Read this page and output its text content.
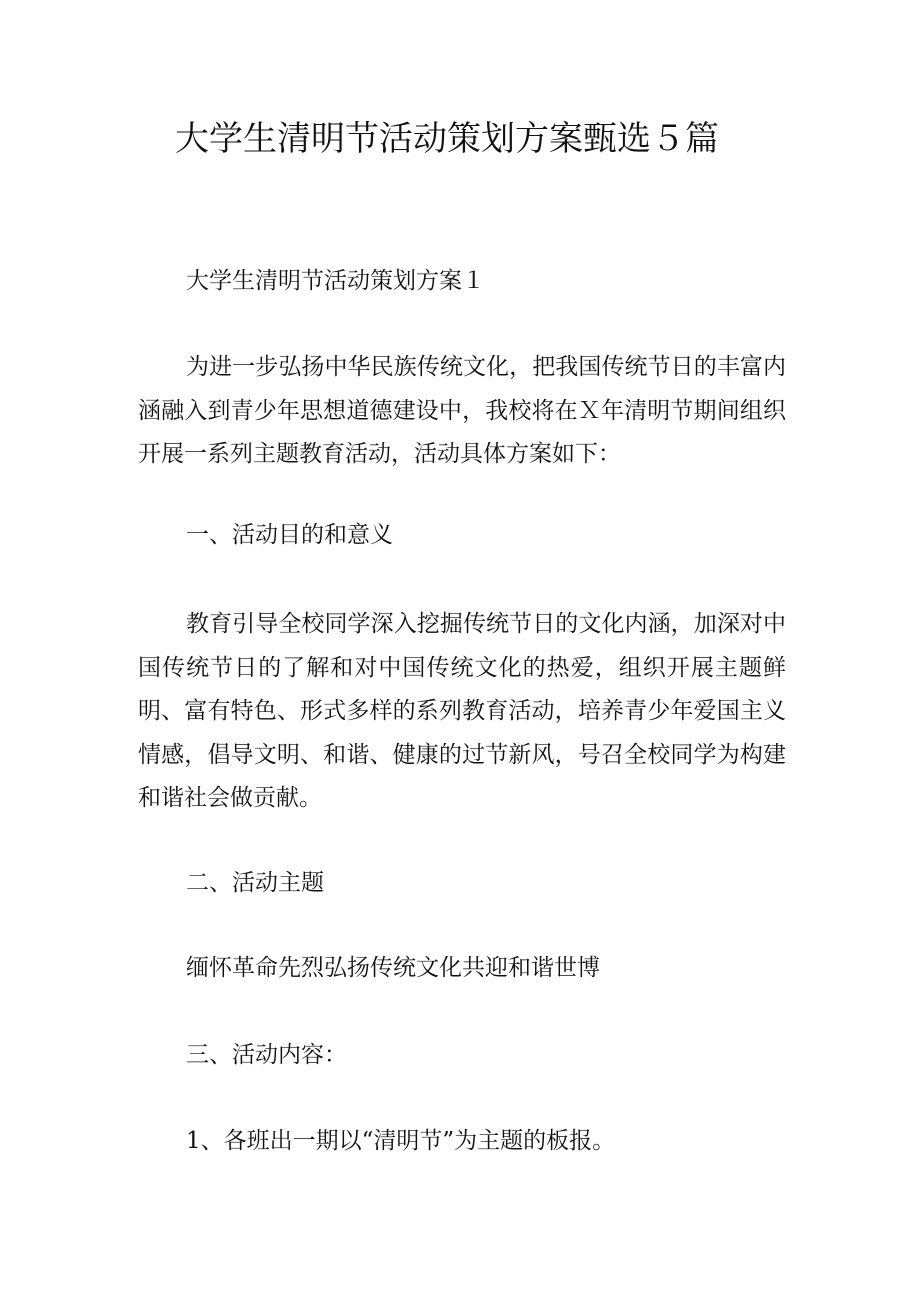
大学生清明节活动策划方案甄选５篇

大学生清明节活动策划方案１

为进一步弘扬中华民族传统文化，把我国传统节日的丰富内涵融入到青少年思想道德建设中，我校将在Ｘ年清明节期间组织开展一系列主题教育活动，活动具体方案如下：

一、活动目的和意义

教育引导全校同学深入挖掘传统节日的文化内涵，加深对中国传统节日的了解和对中国传统文化的热爱，组织开展主题鲜明、富有特色、形式多样的系列教育活动，培养青少年爱国主义情感，倡导文明、和谐、健康的过节新风，号召全校同学为构建和谐社会做贡献。

二、活动主题

缅怀革命先烈弘扬传统文化共迎和谐世博

三、活动内容：

1、各班出一期以“清明节”为主题的板报。
